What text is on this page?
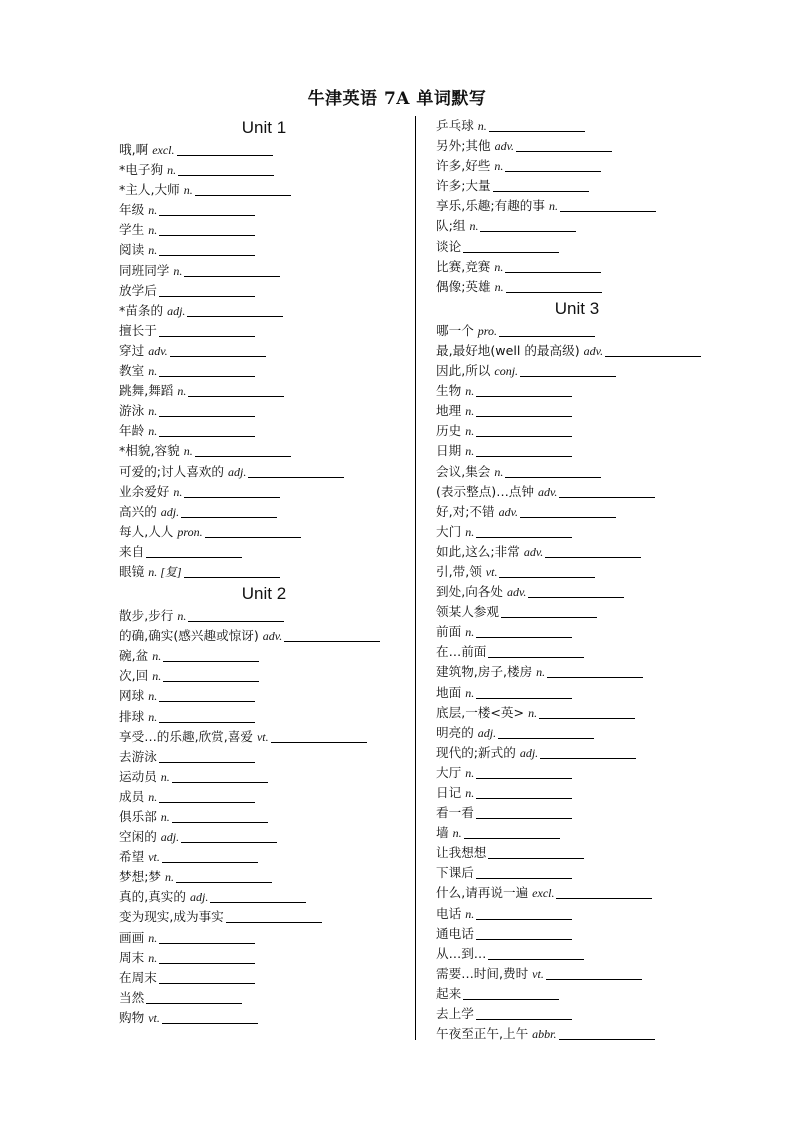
牛津英语 7A 单词默写
Unit 1
哦,啊 excl.
*电子狗 n.
*主人,大师 n.
年级 n.
学生 n.
阅读 n.
同班同学 n.
放学后
*苗条的 adj.
擅长于
穿过 adv.
教室 n.
跳舞,舞蹈 n.
游泳 n.
年龄 n.
*相貌,容貌 n.
可爱的;讨人喜欢的 adj.
业余爱好 n.
高兴的 adj.
每人,人人 pron.
来自
眼镜 n. [复]
Unit 2
散步,步行 n.
的确,确实(感兴趣或惊讶) adv.
碗,盆 n.
次,回 n.
网球 n.
排球 n.
享受…的乐趣,欣赏,喜爱 vt.
去游泳
运动员 n.
成员 n.
俱乐部 n.
空闲的 adj.
希望 vt.
梦想;梦 n.
真的,真实的 adj.
变为现实,成为事实
画画 n.
周末 n.
在周末
当然
购物 vt.
乒乓球 n.
另外;其他 adv.
许多,好些 n.
许多;大量
享乐,乐趣;有趣的事 n.
队;组 n.
谈论
比赛,竞赛 n.
偶像;英雄 n.
Unit 3
哪一个 pro.
最,最好地(well 的最高级) adv.
因此,所以 conj.
生物 n.
地理 n.
历史 n.
日期 n.
会议,集会 n.
(表示整点)…点钟 adv.
好,对;不错 adv.
大门 n.
如此,这么;非常 adv.
引,带,领 vt.
到处,向各处 adv.
领某人参观
前面 n.
在…前面
建筑物,房子,楼房 n.
地面 n.
底层,一楼<英> n.
明亮的 adj.
现代的;新式的 adj.
大厅 n.
日记 n.
看一看
墙 n.
让我想想
下课后
什么,请再说一遍 excl.
电话 n.
通电话
从…到…
需要…时间,费时 vt.
起来
去上学
午夜至正午,上午 abbr.
